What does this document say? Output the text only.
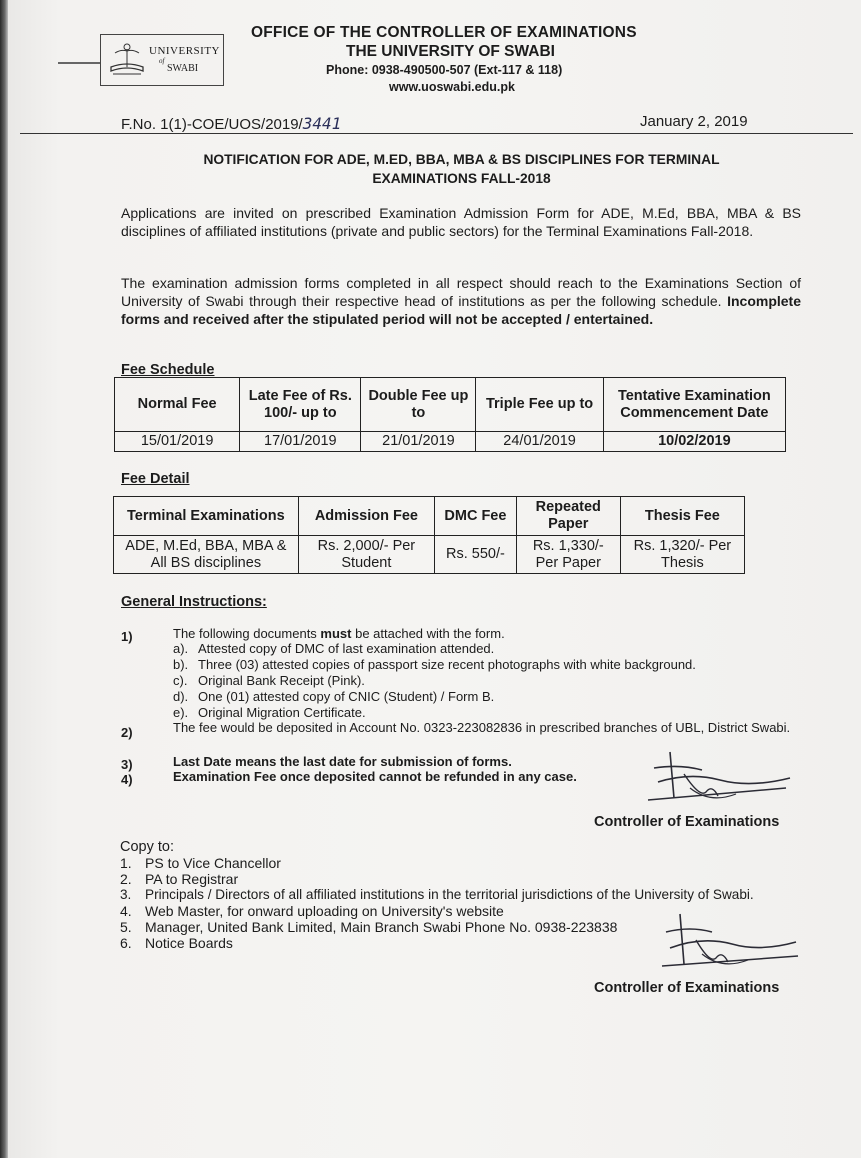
UNIVERSITY
of
SWABI
OFFICE OF THE CONTROLLER OF EXAMINATIONS
THE UNIVERSITY OF SWABI
Phone: 0938-490500-507 (Ext-117 & 118)
www.uoswabi.edu.pk
F.No. 1(1)-COE/UOS/2019/3441	January 2, 2019
NOTIFICATION FOR ADE, M.ED, BBA, MBA & BS DISCIPLINES FOR TERMINAL
EXAMINATIONS FALL-2018
Applications are invited on prescribed Examination Admission Form for ADE, M.Ed, BBA, MBA & BS disciplines of affiliated institutions (private and public sectors) for the Terminal Examinations Fall-2018.
The examination admission forms completed in all respect should reach to the Examinations Section of University of Swabi through their respective head of institutions as per the following schedule. Incomplete forms and received after the stipulated period will not be accepted / entertained.
Fee Schedule
Normal Fee	Late Fee of Rs. 100/- up to	Double Fee up to	Triple Fee up to	Tentative Examination Commencement Date
15/01/2019	17/01/2019	21/01/2019	24/01/2019	10/02/2019
Fee Detail
Terminal Examinations	Admission Fee	DMC Fee	Repeated Paper	Thesis Fee
ADE, M.Ed, BBA, MBA & All BS disciplines	Rs. 2,000/- Per Student	Rs. 550/-	Rs. 1,330/- Per Paper	Rs. 1,320/- Per Thesis
General Instructions:
1)	The following documents must be attached with the form.
a). Attested copy of DMC of last examination attended.
b). Three (03) attested copies of passport size recent photographs with white background.
c). Original Bank Receipt (Pink).
d). One (01) attested copy of CNIC (Student) / Form B.
e). Original Migration Certificate.
2)	The fee would be deposited in Account No. 0323-223082836 in prescribed branches of UBL, District Swabi.
3)	Last Date means the last date for submission of forms.
4)	Examination Fee once deposited cannot be refunded in any case.
Controller of Examinations
Copy to:
1. PS to Vice Chancellor
2. PA to Registrar
3. Principals / Directors of all affiliated institutions in the territorial jurisdictions of the University of Swabi.
4. Web Master, for onward uploading on University's website
5. Manager, United Bank Limited, Main Branch Swabi Phone No. 0938-223838
6. Notice Boards
Controller of Examinations
